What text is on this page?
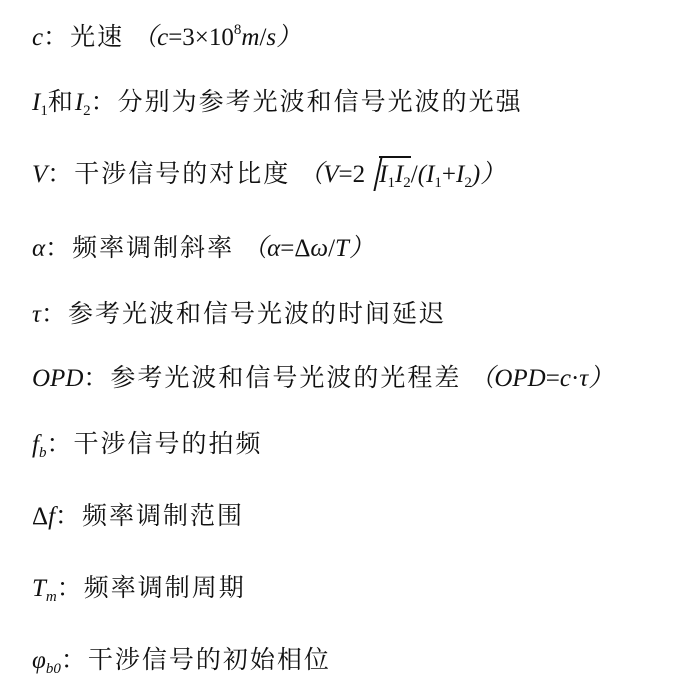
c：光速 $(c=3\times 10^8m/s)$
$I_1$和$I_2$：分别为参考光波和信号光波的光强
V：干涉信号的对比度 （V=2 $I_1I_2/(I_1+I_2)$）
α：频率调制斜率 （α=Δω/T）
τ：参考光波和信号光波的时间延迟
OPD：参考光波和信号光波的光程差 （OPD=c·τ）
$f_b$：干涉信号的拍频
Δf：频率调制范围
$T_m$：频率调制周期
$\varphi_{b0}$：干涉信号的初始相位
